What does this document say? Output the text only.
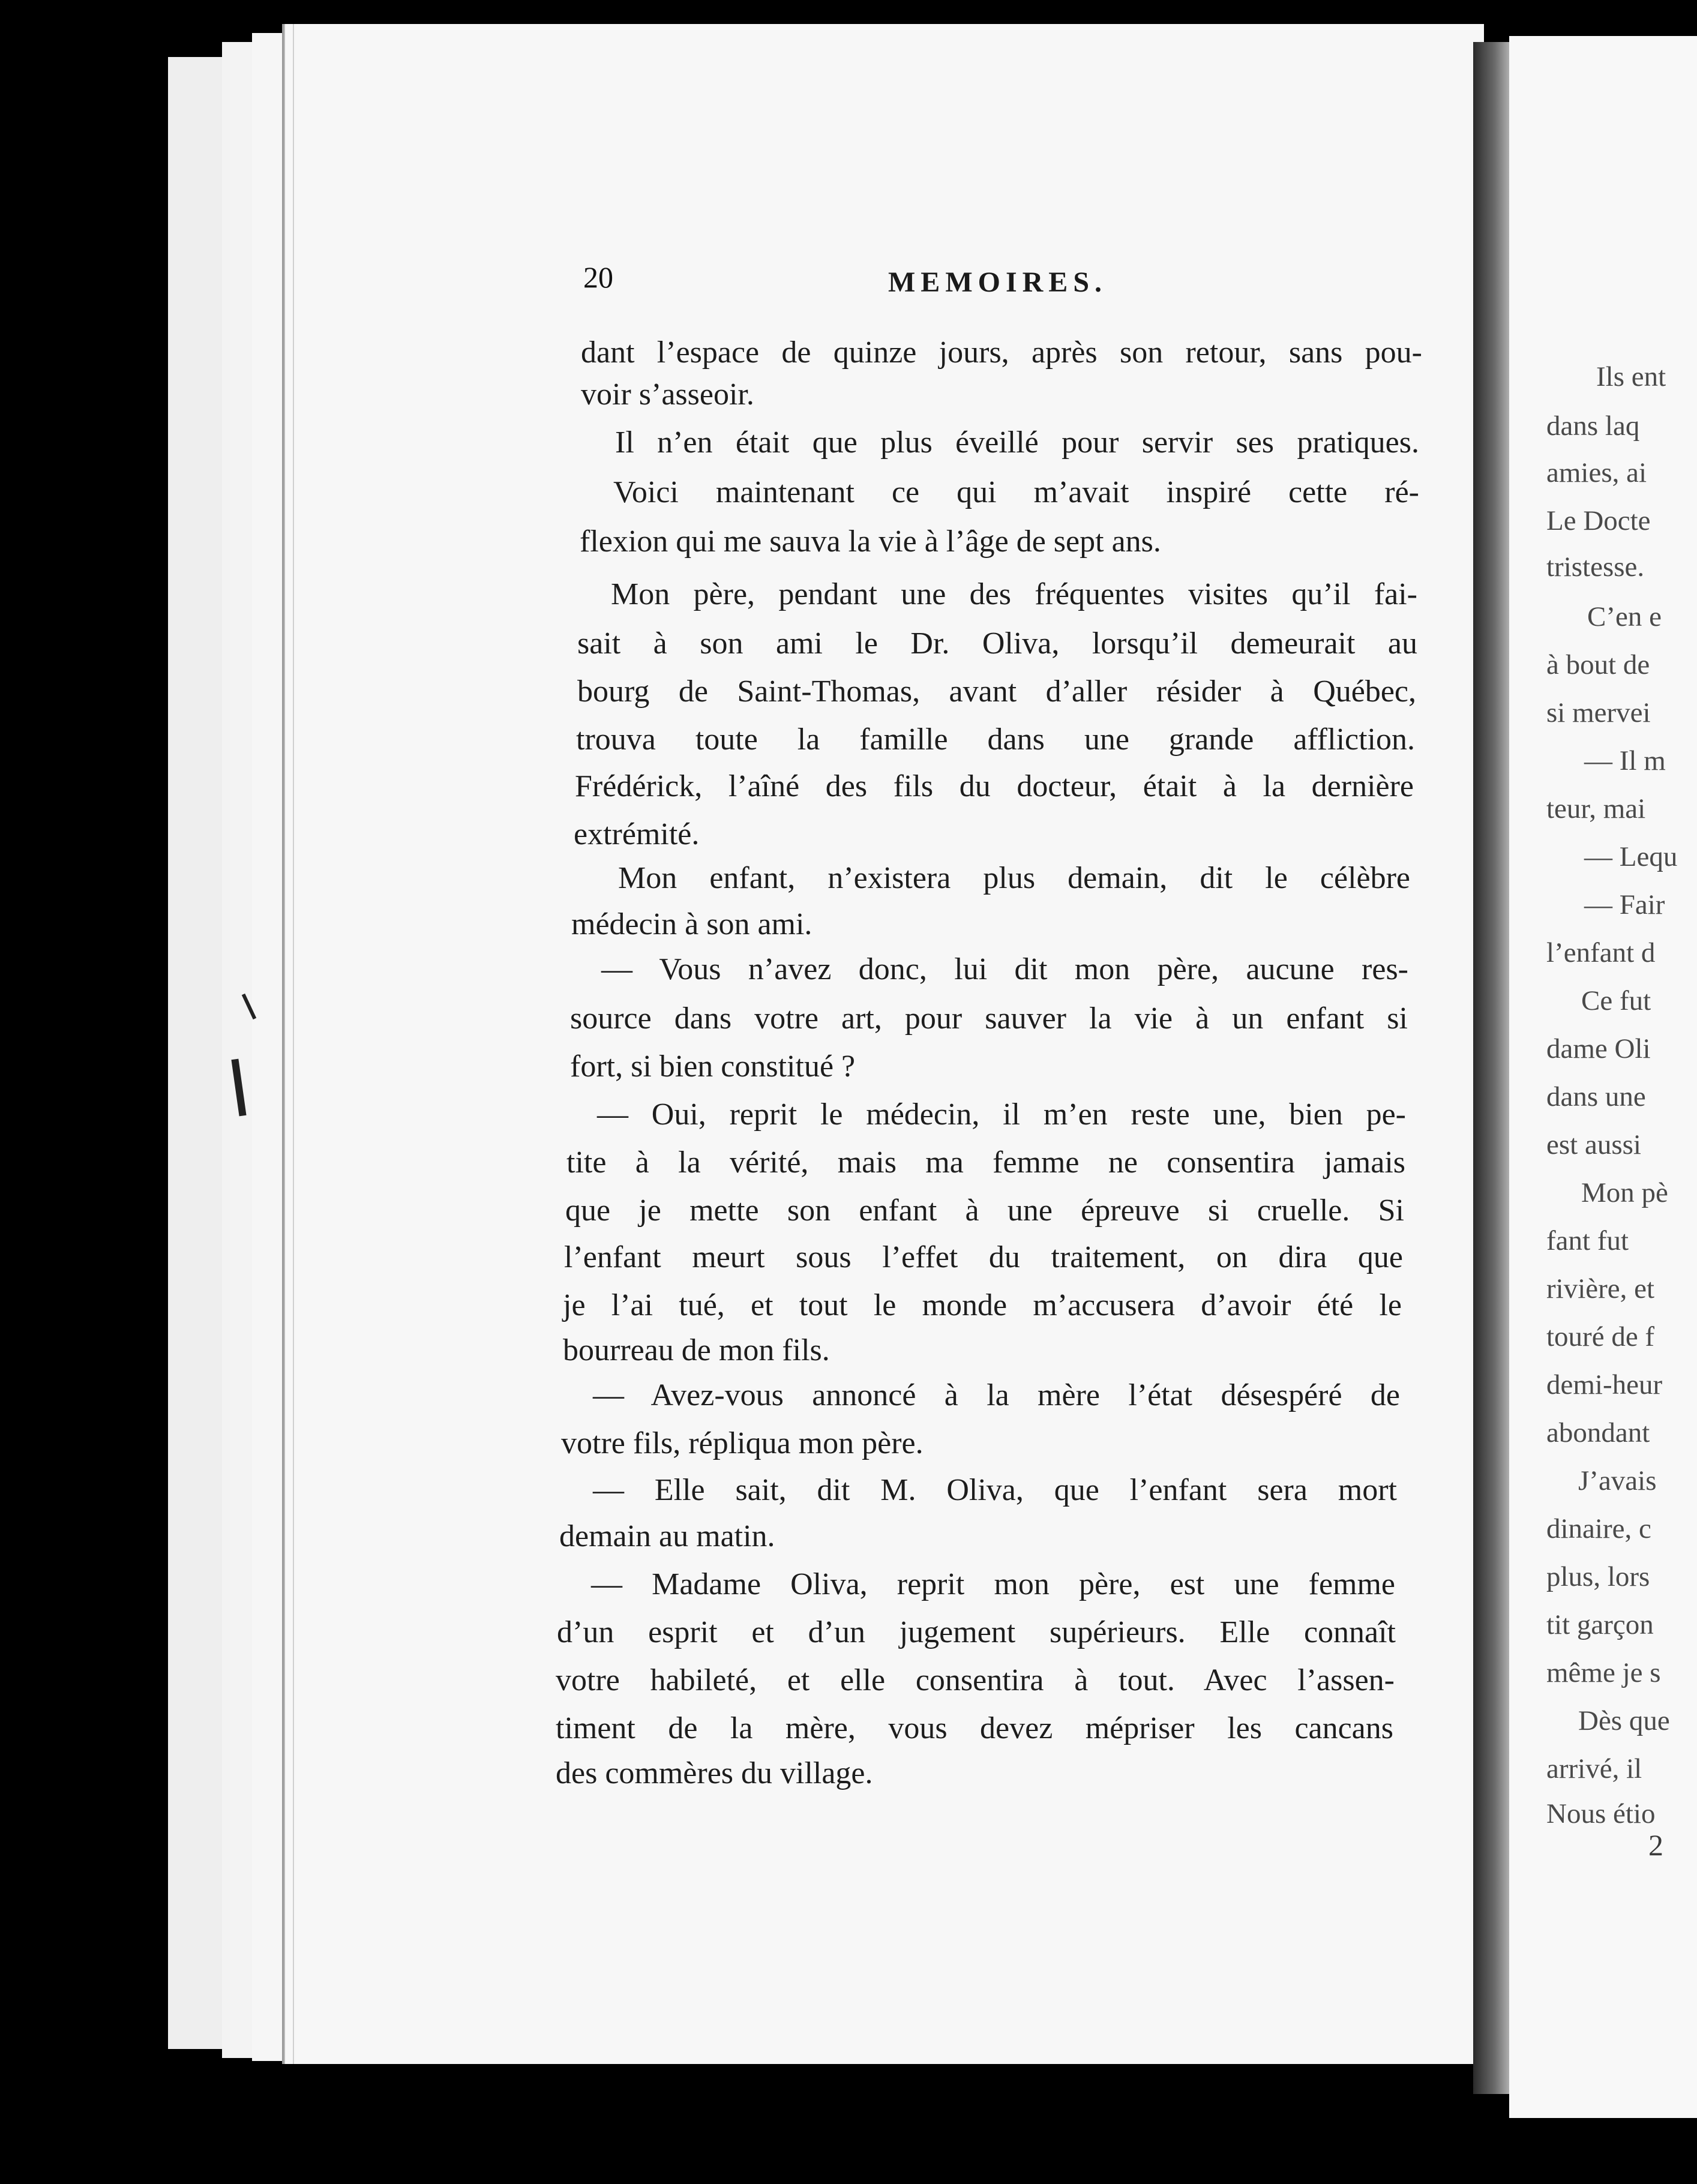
20	MEMOIRES.
dant l’espace de quinze jours, après son retour, sans pou-
voir s’asseoir.
Il n’en était que plus éveillé pour servir ses pratiques.
Voici maintenant ce qui m’avait inspiré cette ré-
flexion qui me sauva la vie à l’âge de sept ans.
Mon père, pendant une des fréquentes visites qu’il fai-
sait à son ami le Dr. Oliva, lorsqu’il demeurait au
bourg de Saint-Thomas, avant d’aller résider à Québec,
trouva toute la famille dans une grande affliction.
Frédérick, l’aîné des fils du docteur, était à la dernière
extrémité.
Mon enfant, n’existera plus demain, dit le célèbre
médecin à son ami.
— Vous n’avez donc, lui dit mon père, aucune res-
source dans votre art, pour sauver la vie à un enfant si
fort, si bien constitué ?
— Oui, reprit le médecin, il m’en reste une, bien pe-
tite à la vérité, mais ma femme ne consentira jamais
que je mette son enfant à une épreuve si cruelle. Si
l’enfant meurt sous l’effet du traitement, on dira que
je l’ai tué, et tout le monde m’accusera d’avoir été le
bourreau de mon fils.
— Avez-vous annoncé à la mère l’état désespéré de
votre fils, répliqua mon père.
— Elle sait, dit M. Oliva, que l’enfant sera mort
demain au matin.
— Madame Oliva, reprit mon père, est une femme
d’un esprit et d’un jugement supérieurs. Elle connaît
votre habileté, et elle consentira à tout. Avec l’assen-
timent de la mère, vous devez mépriser les cancans
des commères du village.
Ils ent
dans laq
amies, ai
Le Docte
tristesse.
C’en e
à bout de
si mervei
— Il m
teur, mai
— Lequ
— Fair
l’enfant d
Ce fut
dame Oli
dans une
est aussi
Mon pè
fant fut
rivière, et
touré de f
demi-heur
abondant
J’avais
dinaire, c
plus, lors
tit garçon
même je s
Dès que
arrivé, il
Nous étio
2
